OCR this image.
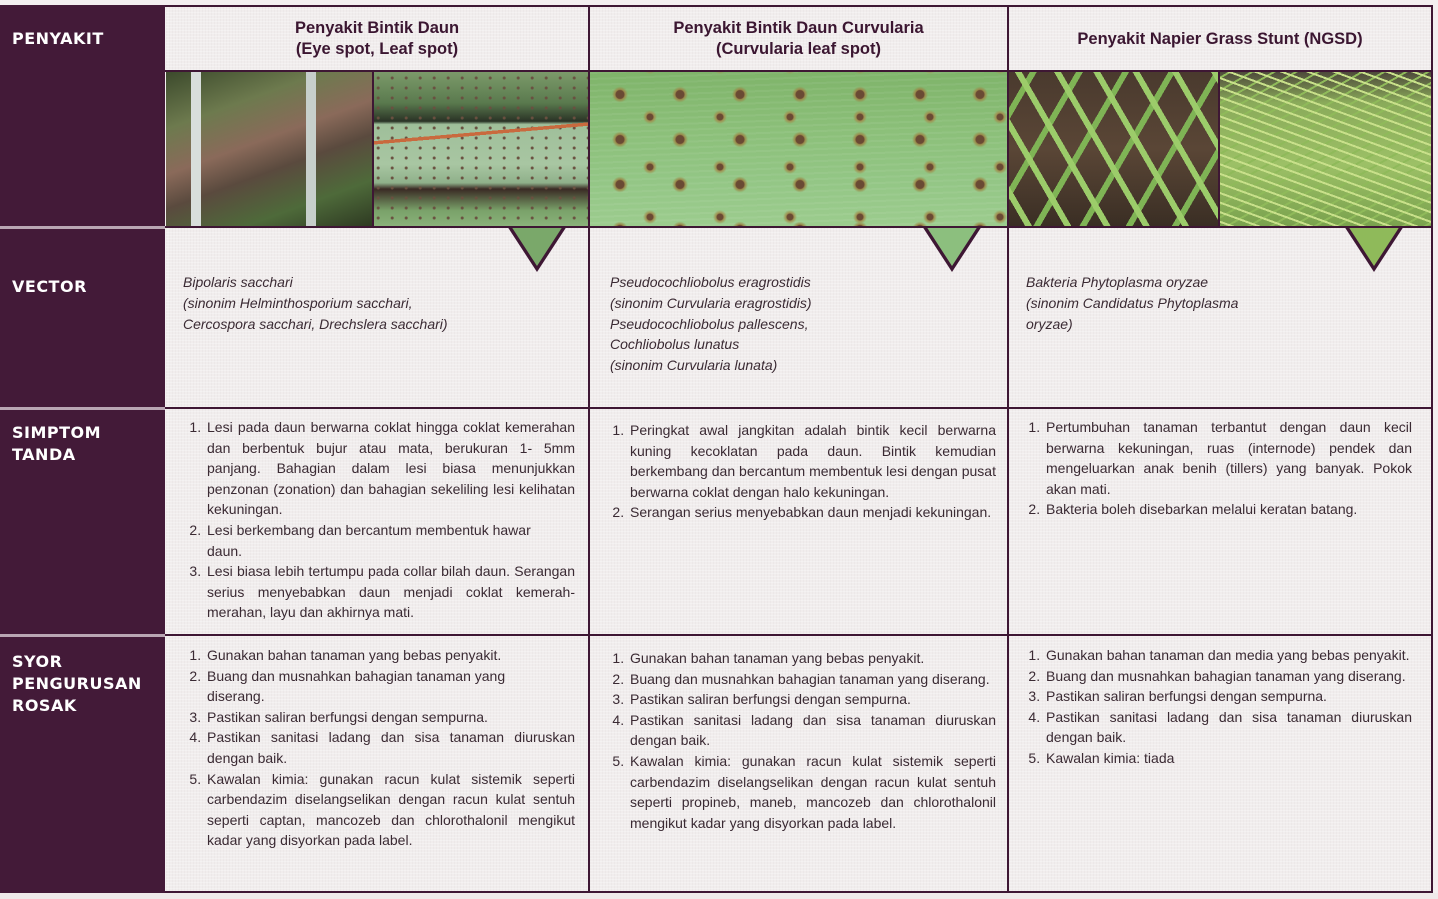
PENYAKIT
VECTOR
SIMPTOM
TANDA
SYOR
PENGURUSAN
ROSAK
Penyakit Bintik Daun
(Eye spot, Leaf spot)
Penyakit Bintik Daun Curvularia
(Curvularia leaf spot)
Penyakit Napier Grass Stunt (NGSD)
Bipolaris sacchari
(sinonim Helminthosporium sacchari,
Cercospora sacchari, Drechslera sacchari)
Pseudocochliobolus eragrostidis
(sinonim Curvularia eragrostidis)
Pseudocochliobolus pallescens,
Cochliobolus lunatus
(sinonim Curvularia lunata)
Bakteria Phytoplasma oryzae
(sinonim Candidatus Phytoplasma
oryzae)
1. Lesi pada daun berwarna coklat hingga coklat kemerahan dan berbentuk bujur atau mata, berukuran 1- 5mm panjang. Bahagian dalam lesi biasa menunjukkan penzonan (zonation) dan bahagian sekeliling lesi kelihatan kekuningan.
2. Lesi berkembang dan bercantum membentuk hawar daun.
3. Lesi biasa lebih tertumpu pada collar bilah daun. Serangan serius menyebabkan daun menjadi coklat kemerah-merahan, layu dan akhirnya mati.
1. Peringkat awal jangkitan adalah bintik kecil berwarna kuning kecoklatan pada daun. Bintik kemudian berkembang dan bercantum membentuk lesi dengan pusat berwarna coklat dengan halo kekuningan.
2. Serangan serius menyebabkan daun menjadi kekuningan.
1. Pertumbuhan tanaman terbantut dengan daun kecil berwarna kekuningan, ruas (internode) pendek dan mengeluarkan anak benih (tillers) yang banyak. Pokok akan mati.
2. Bakteria boleh disebarkan melalui keratan batang.
1. Gunakan bahan tanaman yang bebas penyakit.
2. Buang dan musnahkan bahagian tanaman yang diserang.
3. Pastikan saliran berfungsi dengan sempurna.
4. Pastikan sanitasi ladang dan sisa tanaman diuruskan dengan baik.
5. Kawalan kimia: gunakan racun kulat sistemik seperti carbendazim diselangselikan dengan racun kulat sentuh seperti captan, mancozeb dan chlorothalonil mengikut kadar yang disyorkan pada label.
1. Gunakan bahan tanaman yang bebas penyakit.
2. Buang dan musnahkan bahagian tanaman yang diserang.
3. Pastikan saliran berfungsi dengan sempurna.
4. Pastikan sanitasi ladang dan sisa tanaman diuruskan dengan baik.
5. Kawalan kimia: gunakan racun kulat sistemik seperti carbendazim diselangselikan dengan racun kulat sentuh seperti propineb, maneb, mancozeb dan chlorothalonil mengikut kadar yang disyorkan pada label.
1. Gunakan bahan tanaman dan media yang bebas penyakit.
2. Buang dan musnahkan bahagian tanaman yang diserang.
3. Pastikan saliran berfungsi dengan sempurna.
4. Pastikan sanitasi ladang dan sisa tanaman diuruskan dengan baik.
5. Kawalan kimia: tiada
